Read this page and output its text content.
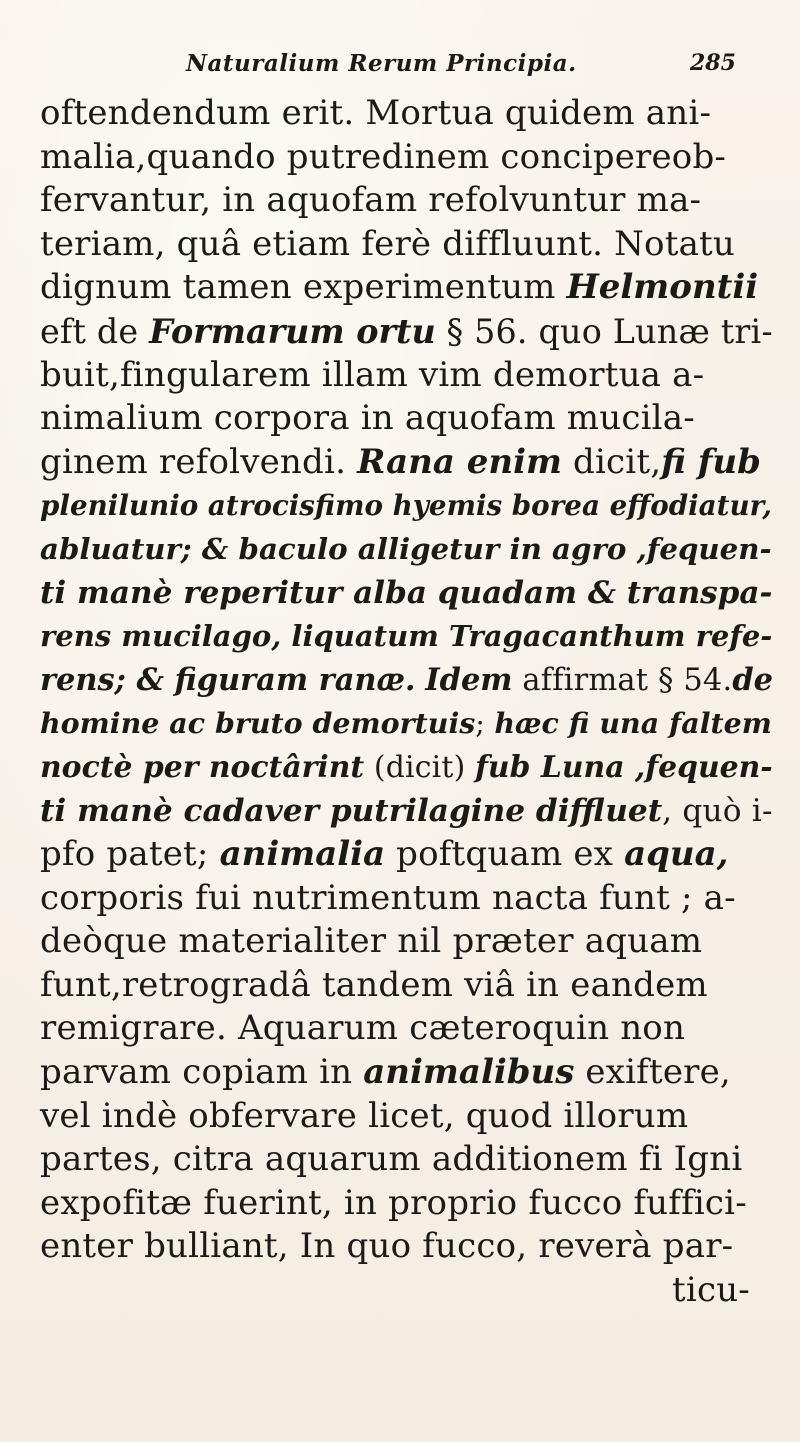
Naturalium Rerum Principia.	285
oftendendum erit. Mortua quidem ani-
malia,quando putredinem concipereob-
fervantur, in aquofam refolvuntur ma-
teriam, quâ etiam ferè diffluunt. Notatu
dignum tamen experimentum Helmontii
eft de Formarum ortu § 56. quo Lunæ tri-
buit,fingularem illam vim demortua a-
nimalium corpora in aquofam mucila-
ginem refolvendi. Rana enim dicit,fi fub
plenilunio atrocisfimo hyemis borea effodiatur,
abluatur; & baculo alligetur in agro ,fequen-
ti manè reperitur alba quadam & transpa-
rens mucilago, liquatum Tragacanthum refe-
rens; & figuram ranæ. Idem affirmat § 54.de
homine ac bruto demortuis; hæc fi una faltem
noctè per noctârint (dicit) fub Luna ,fequen-
ti manè cadaver putrilagine diffluet, quò i-
pfo patet; animalia poftquam ex aqua,
corporis fui nutrimentum nacta funt ; a-
deòque materialiter nil præter aquam
funt,retrogradâ tandem viâ in eandem
remigrare. Aquarum cæteroquin non
parvam copiam in animalibus exiftere,
vel indè obfervare licet, quod illorum
partes, citra aquarum additionem fi Igni
expofitæ fuerint, in proprio fucco fuffici-
enter bulliant, In quo fucco, reverà par-
ticu-
